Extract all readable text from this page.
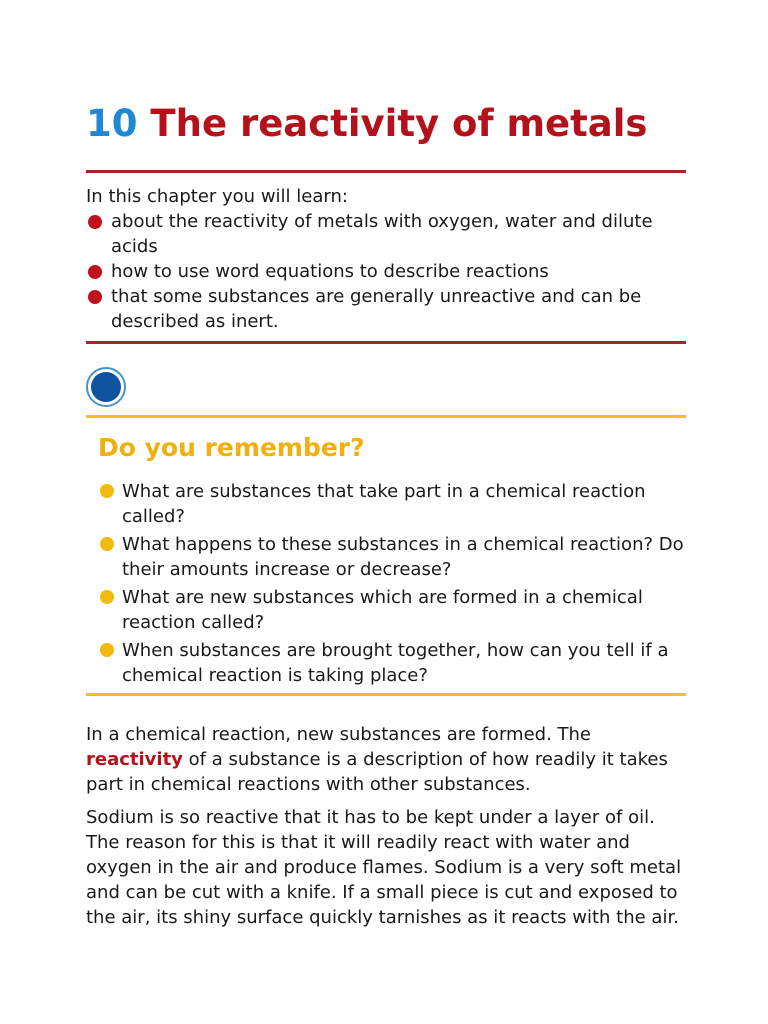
10 The reactivity of metals

In this chapter you will learn:

about the reactivity of metals with oxygen, water and dilute acids
how to use word equations to describe reactions
that some substances are generally unreactive and can be described as inert.
Do you remember?
What are substances that take part in a chemical reaction called?
What happens to these substances in a chemical reaction? Do their amounts increase or decrease?
What are new substances which are formed in a chemical reaction called?
When substances are brought together, how can you tell if a chemical reaction is taking place?

In a chemical reaction, new substances are formed. The reactivity of a substance is a description of how readily it takes part in chemical reactions with other substances.

Sodium is so reactive that it has to be kept under a layer of oil. The reason for this is that it will readily react with water and oxygen in the air and produce flames. Sodium is a very soft metal and can be cut with a knife. If a small piece is cut and exposed to the air, its shiny surface quickly tarnishes as it reacts with the air.
